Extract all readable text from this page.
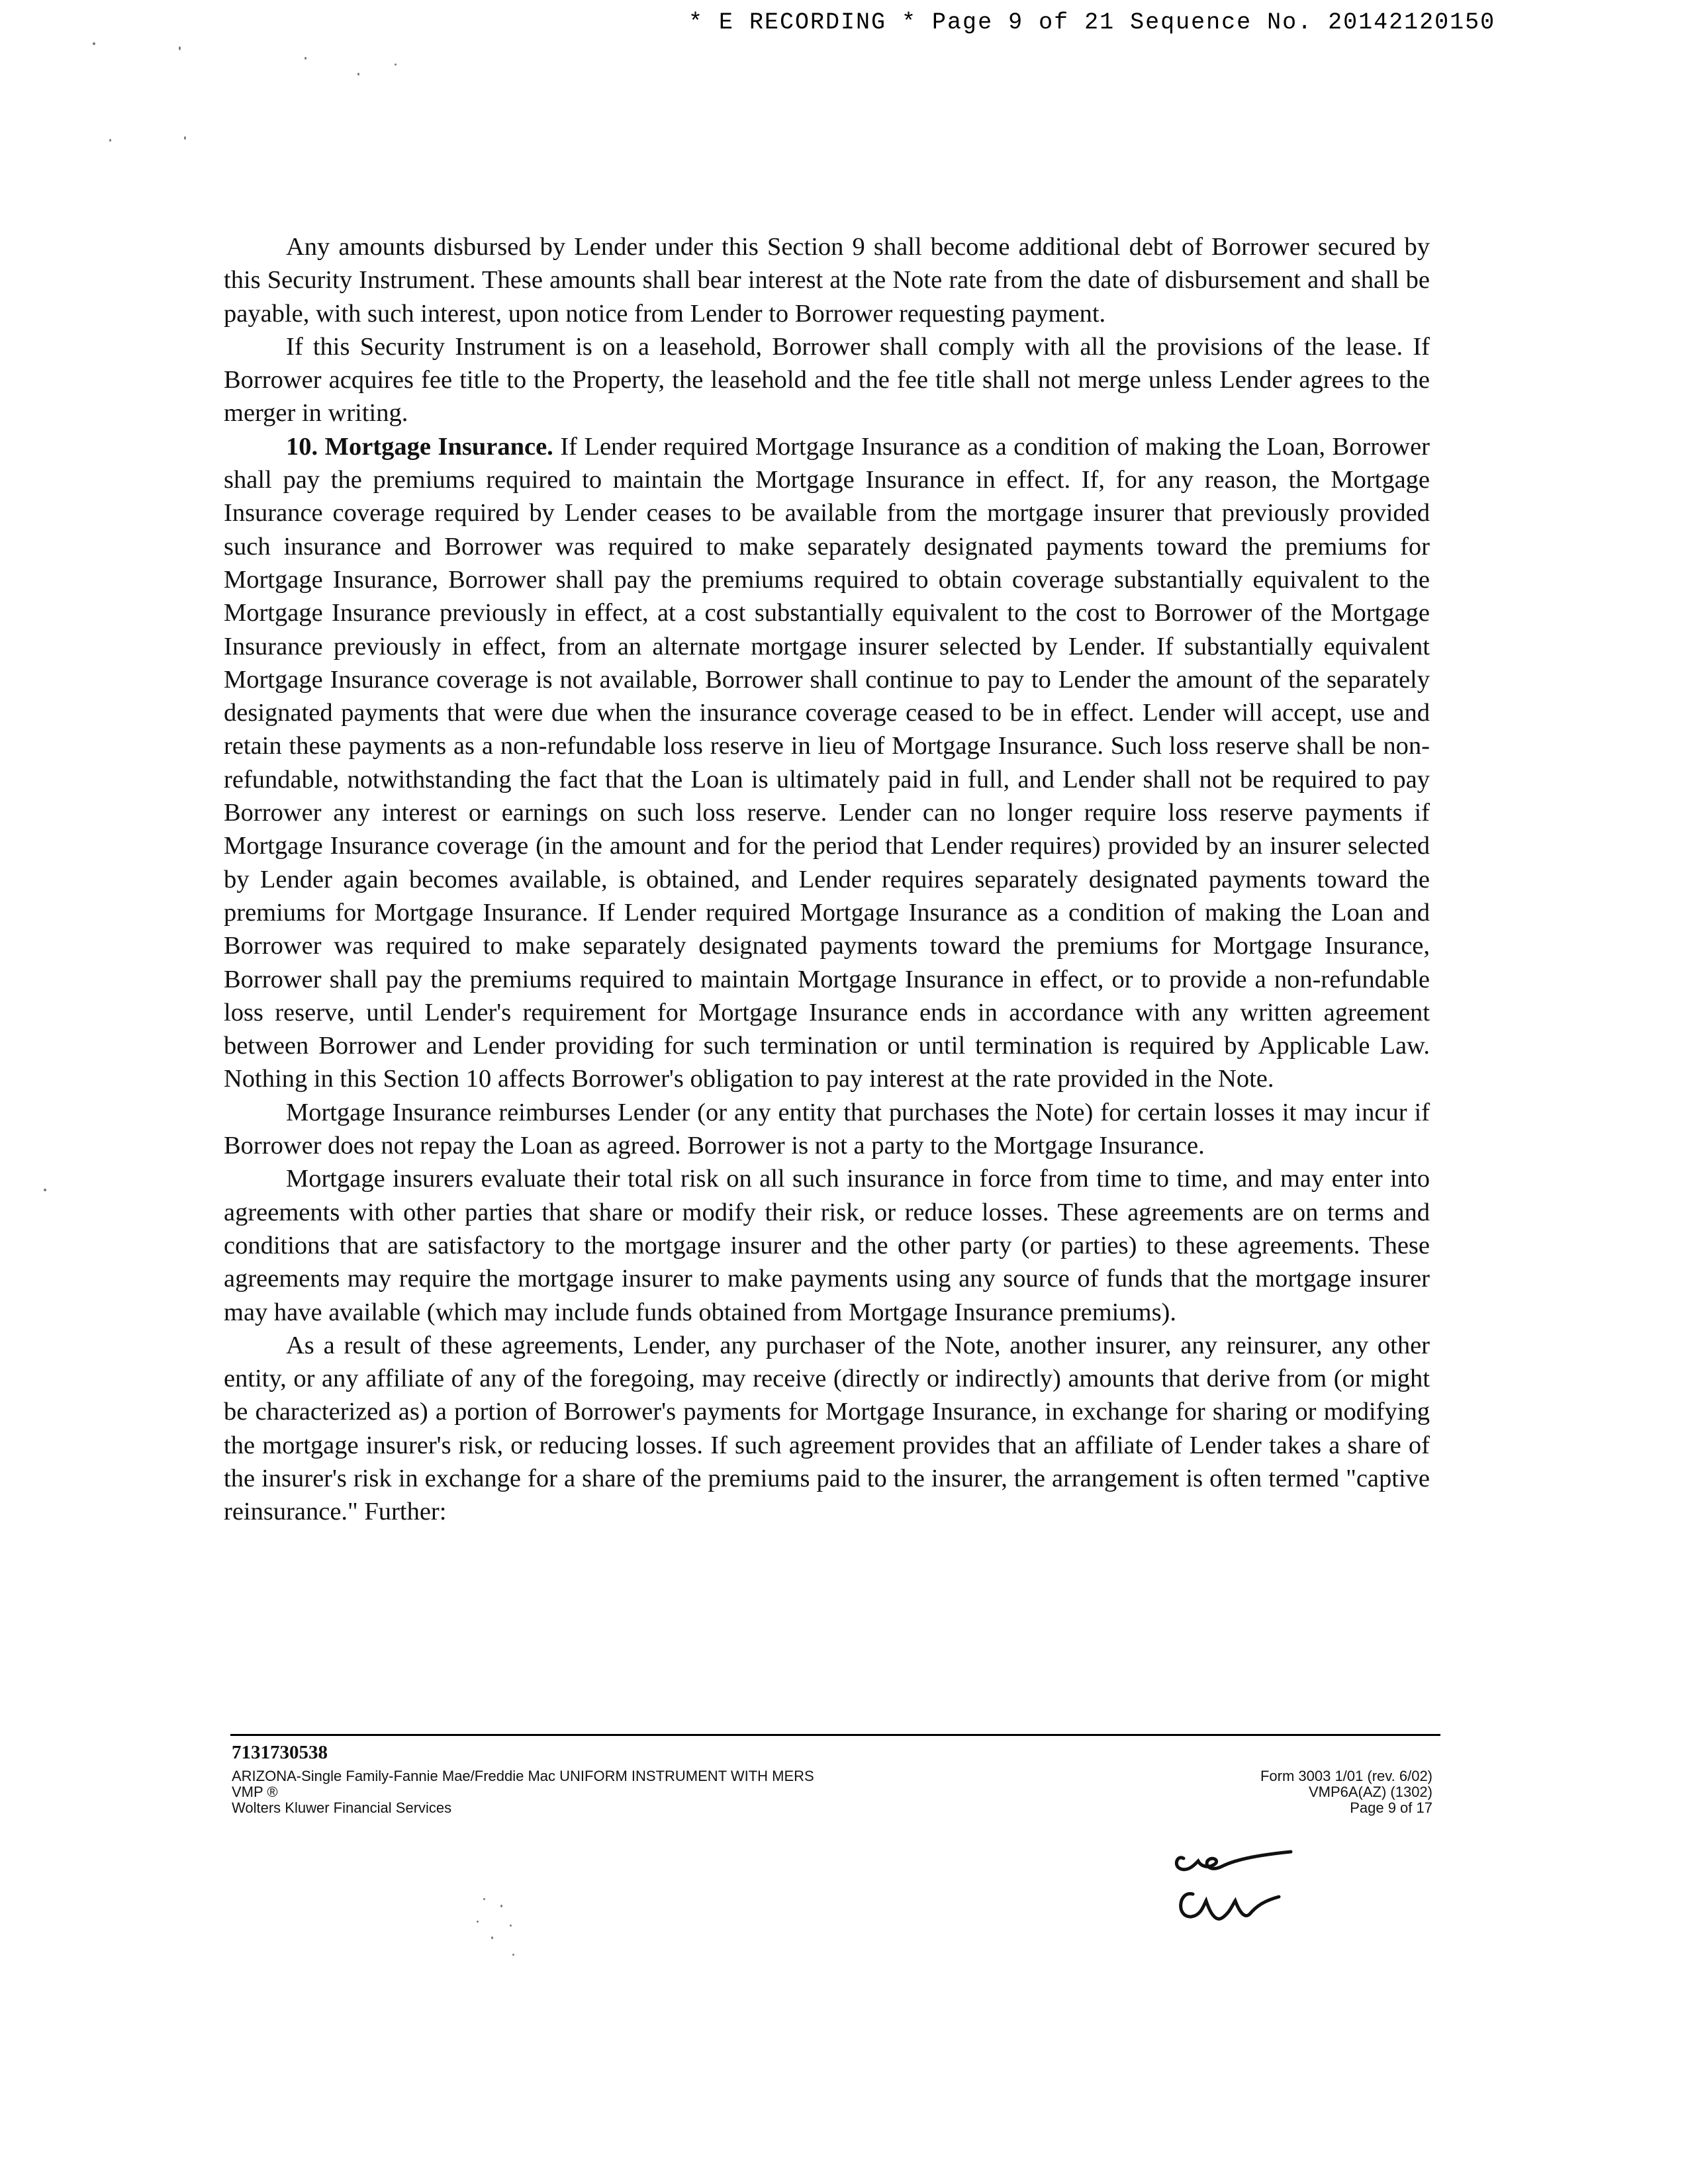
* E RECORDING * Page 9 of 21 Sequence No. 20142120150

Any amounts disbursed by Lender under this Section 9 shall become additional debt of Borrower secured by this Security Instrument. These amounts shall bear interest at the Note rate from the date of disbursement and shall be payable, with such interest, upon notice from Lender to Borrower requesting payment.

If this Security Instrument is on a leasehold, Borrower shall comply with all the provisions of the lease. If Borrower acquires fee title to the Property, the leasehold and the fee title shall not merge unless Lender agrees to the merger in writing.

10. Mortgage Insurance. If Lender required Mortgage Insurance as a condition of making the Loan, Borrower shall pay the premiums required to maintain the Mortgage Insurance in effect. If, for any reason, the Mortgage Insurance coverage required by Lender ceases to be available from the mortgage insurer that previously provided such insurance and Borrower was required to make separately designated payments toward the premiums for Mortgage Insurance, Borrower shall pay the premiums required to obtain coverage substantially equivalent to the Mortgage Insurance previously in effect, at a cost substantially equivalent to the cost to Borrower of the Mortgage Insurance previously in effect, from an alternate mortgage insurer selected by Lender. If substantially equivalent Mortgage Insurance coverage is not available, Borrower shall continue to pay to Lender the amount of the separately designated payments that were due when the insurance coverage ceased to be in effect. Lender will accept, use and retain these payments as a non-refundable loss reserve in lieu of Mortgage Insurance. Such loss reserve shall be non-refundable, notwithstanding the fact that the Loan is ultimately paid in full, and Lender shall not be required to pay Borrower any interest or earnings on such loss reserve. Lender can no longer require loss reserve payments if Mortgage Insurance coverage (in the amount and for the period that Lender requires) provided by an insurer selected by Lender again becomes available, is obtained, and Lender requires separately designated payments toward the premiums for Mortgage Insurance. If Lender required Mortgage Insurance as a condition of making the Loan and Borrower was required to make separately designated payments toward the premiums for Mortgage Insurance, Borrower shall pay the premiums required to maintain Mortgage Insurance in effect, or to provide a non-refundable loss reserve, until Lender's requirement for Mortgage Insurance ends in accordance with any written agreement between Borrower and Lender providing for such termination or until termination is required by Applicable Law. Nothing in this Section 10 affects Borrower's obligation to pay interest at the rate provided in the Note.

Mortgage Insurance reimburses Lender (or any entity that purchases the Note) for certain losses it may incur if Borrower does not repay the Loan as agreed. Borrower is not a party to the Mortgage Insurance.

Mortgage insurers evaluate their total risk on all such insurance in force from time to time, and may enter into agreements with other parties that share or modify their risk, or reduce losses. These agreements are on terms and conditions that are satisfactory to the mortgage insurer and the other party (or parties) to these agreements. These agreements may require the mortgage insurer to make payments using any source of funds that the mortgage insurer may have available (which may include funds obtained from Mortgage Insurance premiums).

As a result of these agreements, Lender, any purchaser of the Note, another insurer, any reinsurer, any other entity, or any affiliate of any of the foregoing, may receive (directly or indirectly) amounts that derive from (or might be characterized as) a portion of Borrower's payments for Mortgage Insurance, in exchange for sharing or modifying the mortgage insurer's risk, or reducing losses. If such agreement provides that an affiliate of Lender takes a share of the insurer's risk in exchange for a share of the premiums paid to the insurer, the arrangement is often termed "captive reinsurance." Further:

7131730538
ARIZONA-Single Family-Fannie Mae/Freddie Mac UNIFORM INSTRUMENT WITH MERS
VMP ®
Wolters Kluwer Financial Services
Form 3003 1/01 (rev. 6/02)
VMP6A(AZ) (1302)
Page 9 of 17
